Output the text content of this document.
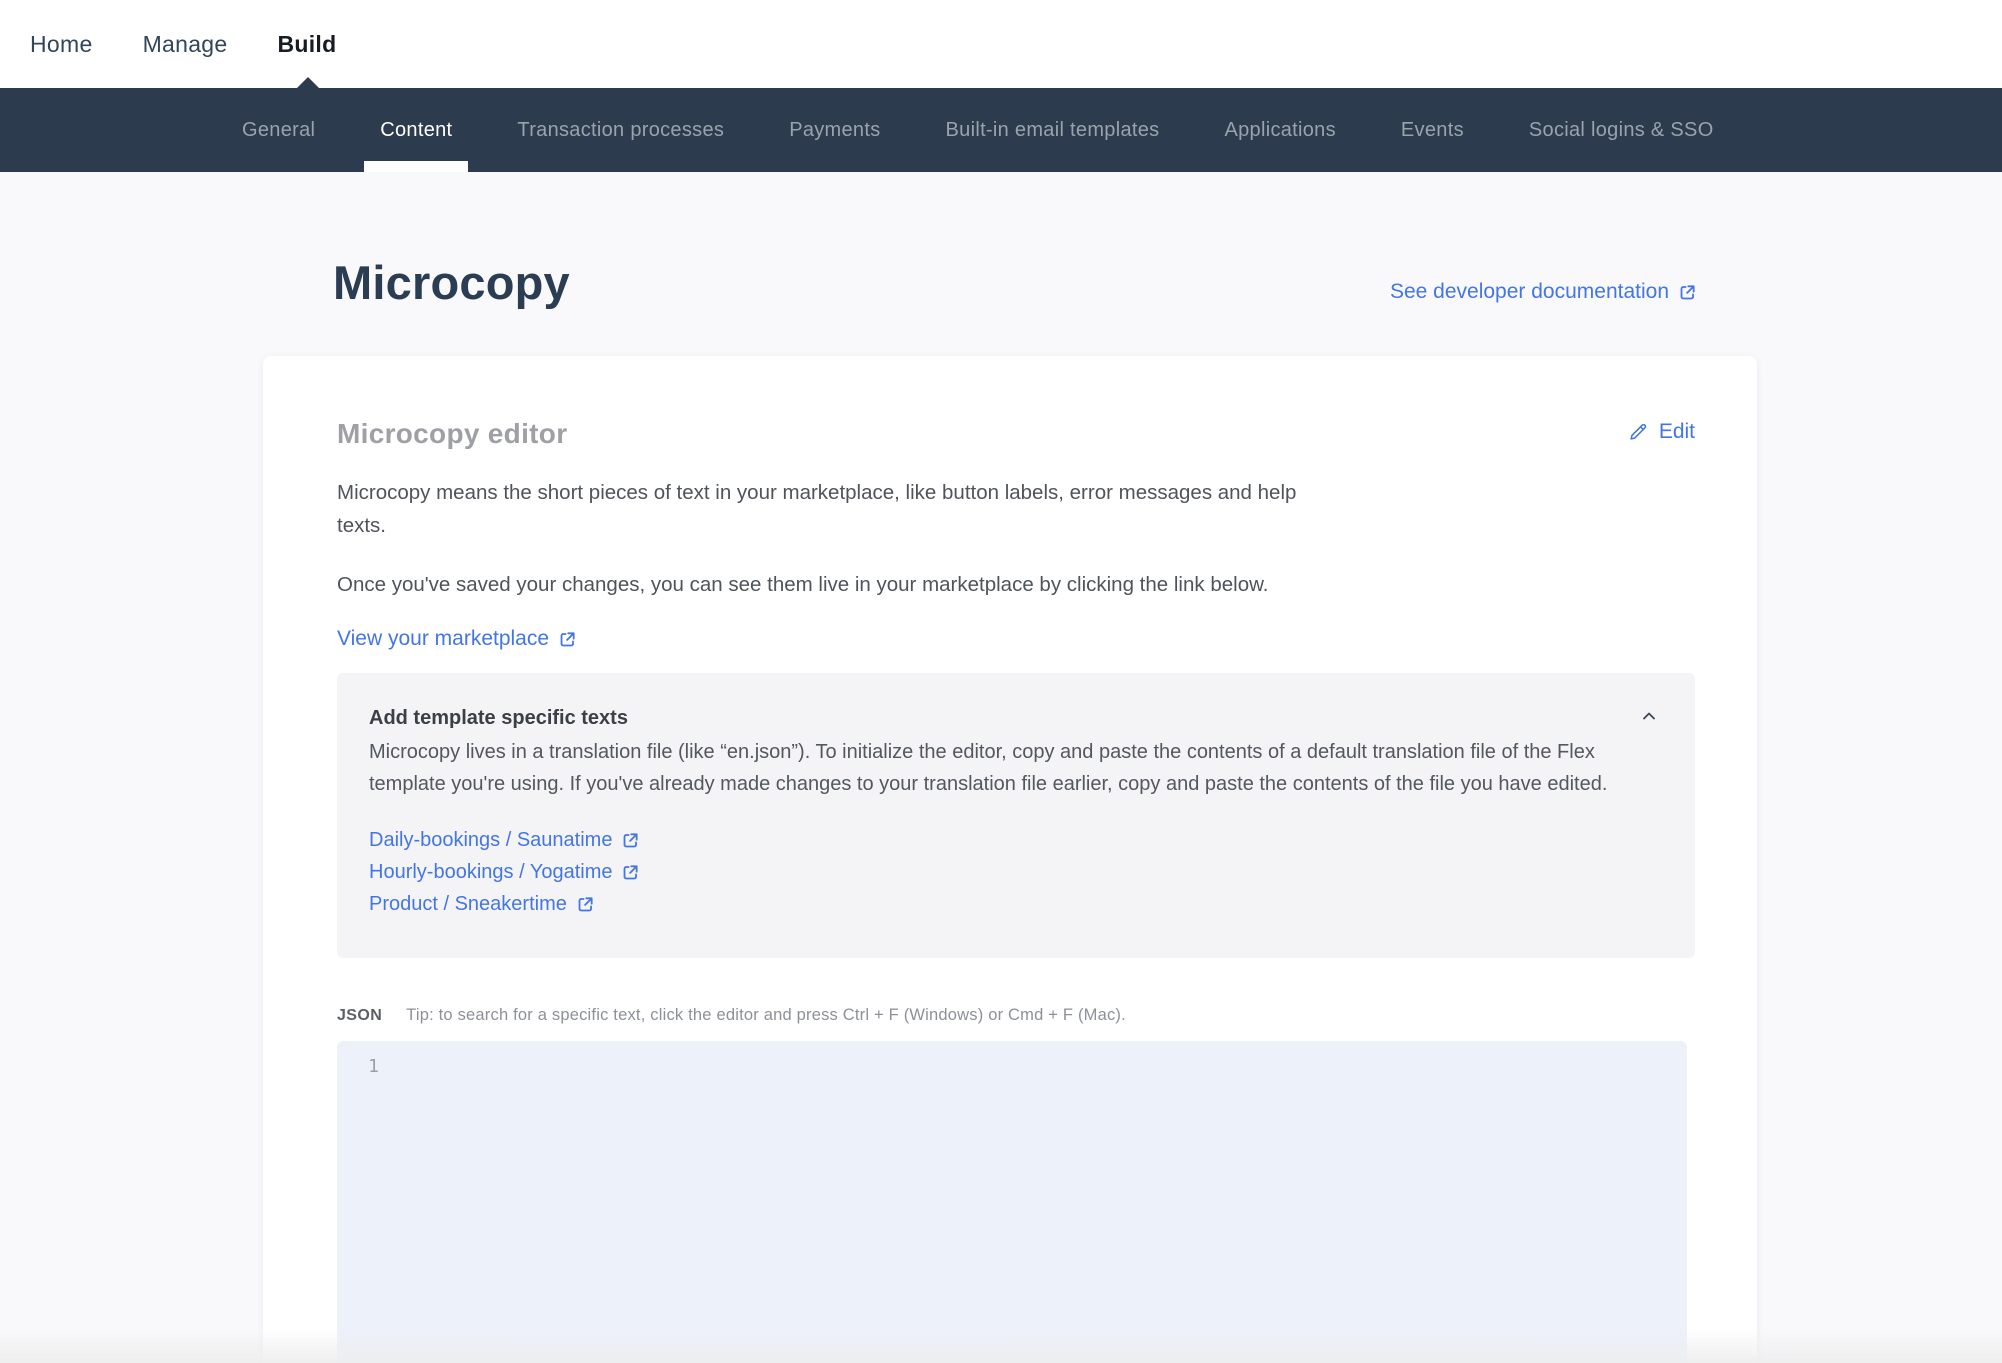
Home Manage Build
General	Content	Transaction processes	Payments	Built-in email templates	Applications	Events	Social logins & SSO
Microcopy	See developer documentation
Microcopy editor	Edit

Microcopy means the short pieces of text in your marketplace, like button labels, error messages and help texts.

Once you've saved your changes, you can see them live in your marketplace by clicking the link below.

View your marketplace
Add template specific texts
Microcopy lives in a translation file (like “en.json”). To initialize the editor, copy and paste the contents of a default translation file of the Flex template you're using. If you've already made changes to your translation file earlier, copy and paste the contents of the file you have edited.
Daily-bookings / Saunatime
Hourly-bookings / Yogatime
Product / Sneakertime
JSON Tip: to search for a specific text, click the editor and press Ctrl + F (Windows) or Cmd + F (Mac).
1
